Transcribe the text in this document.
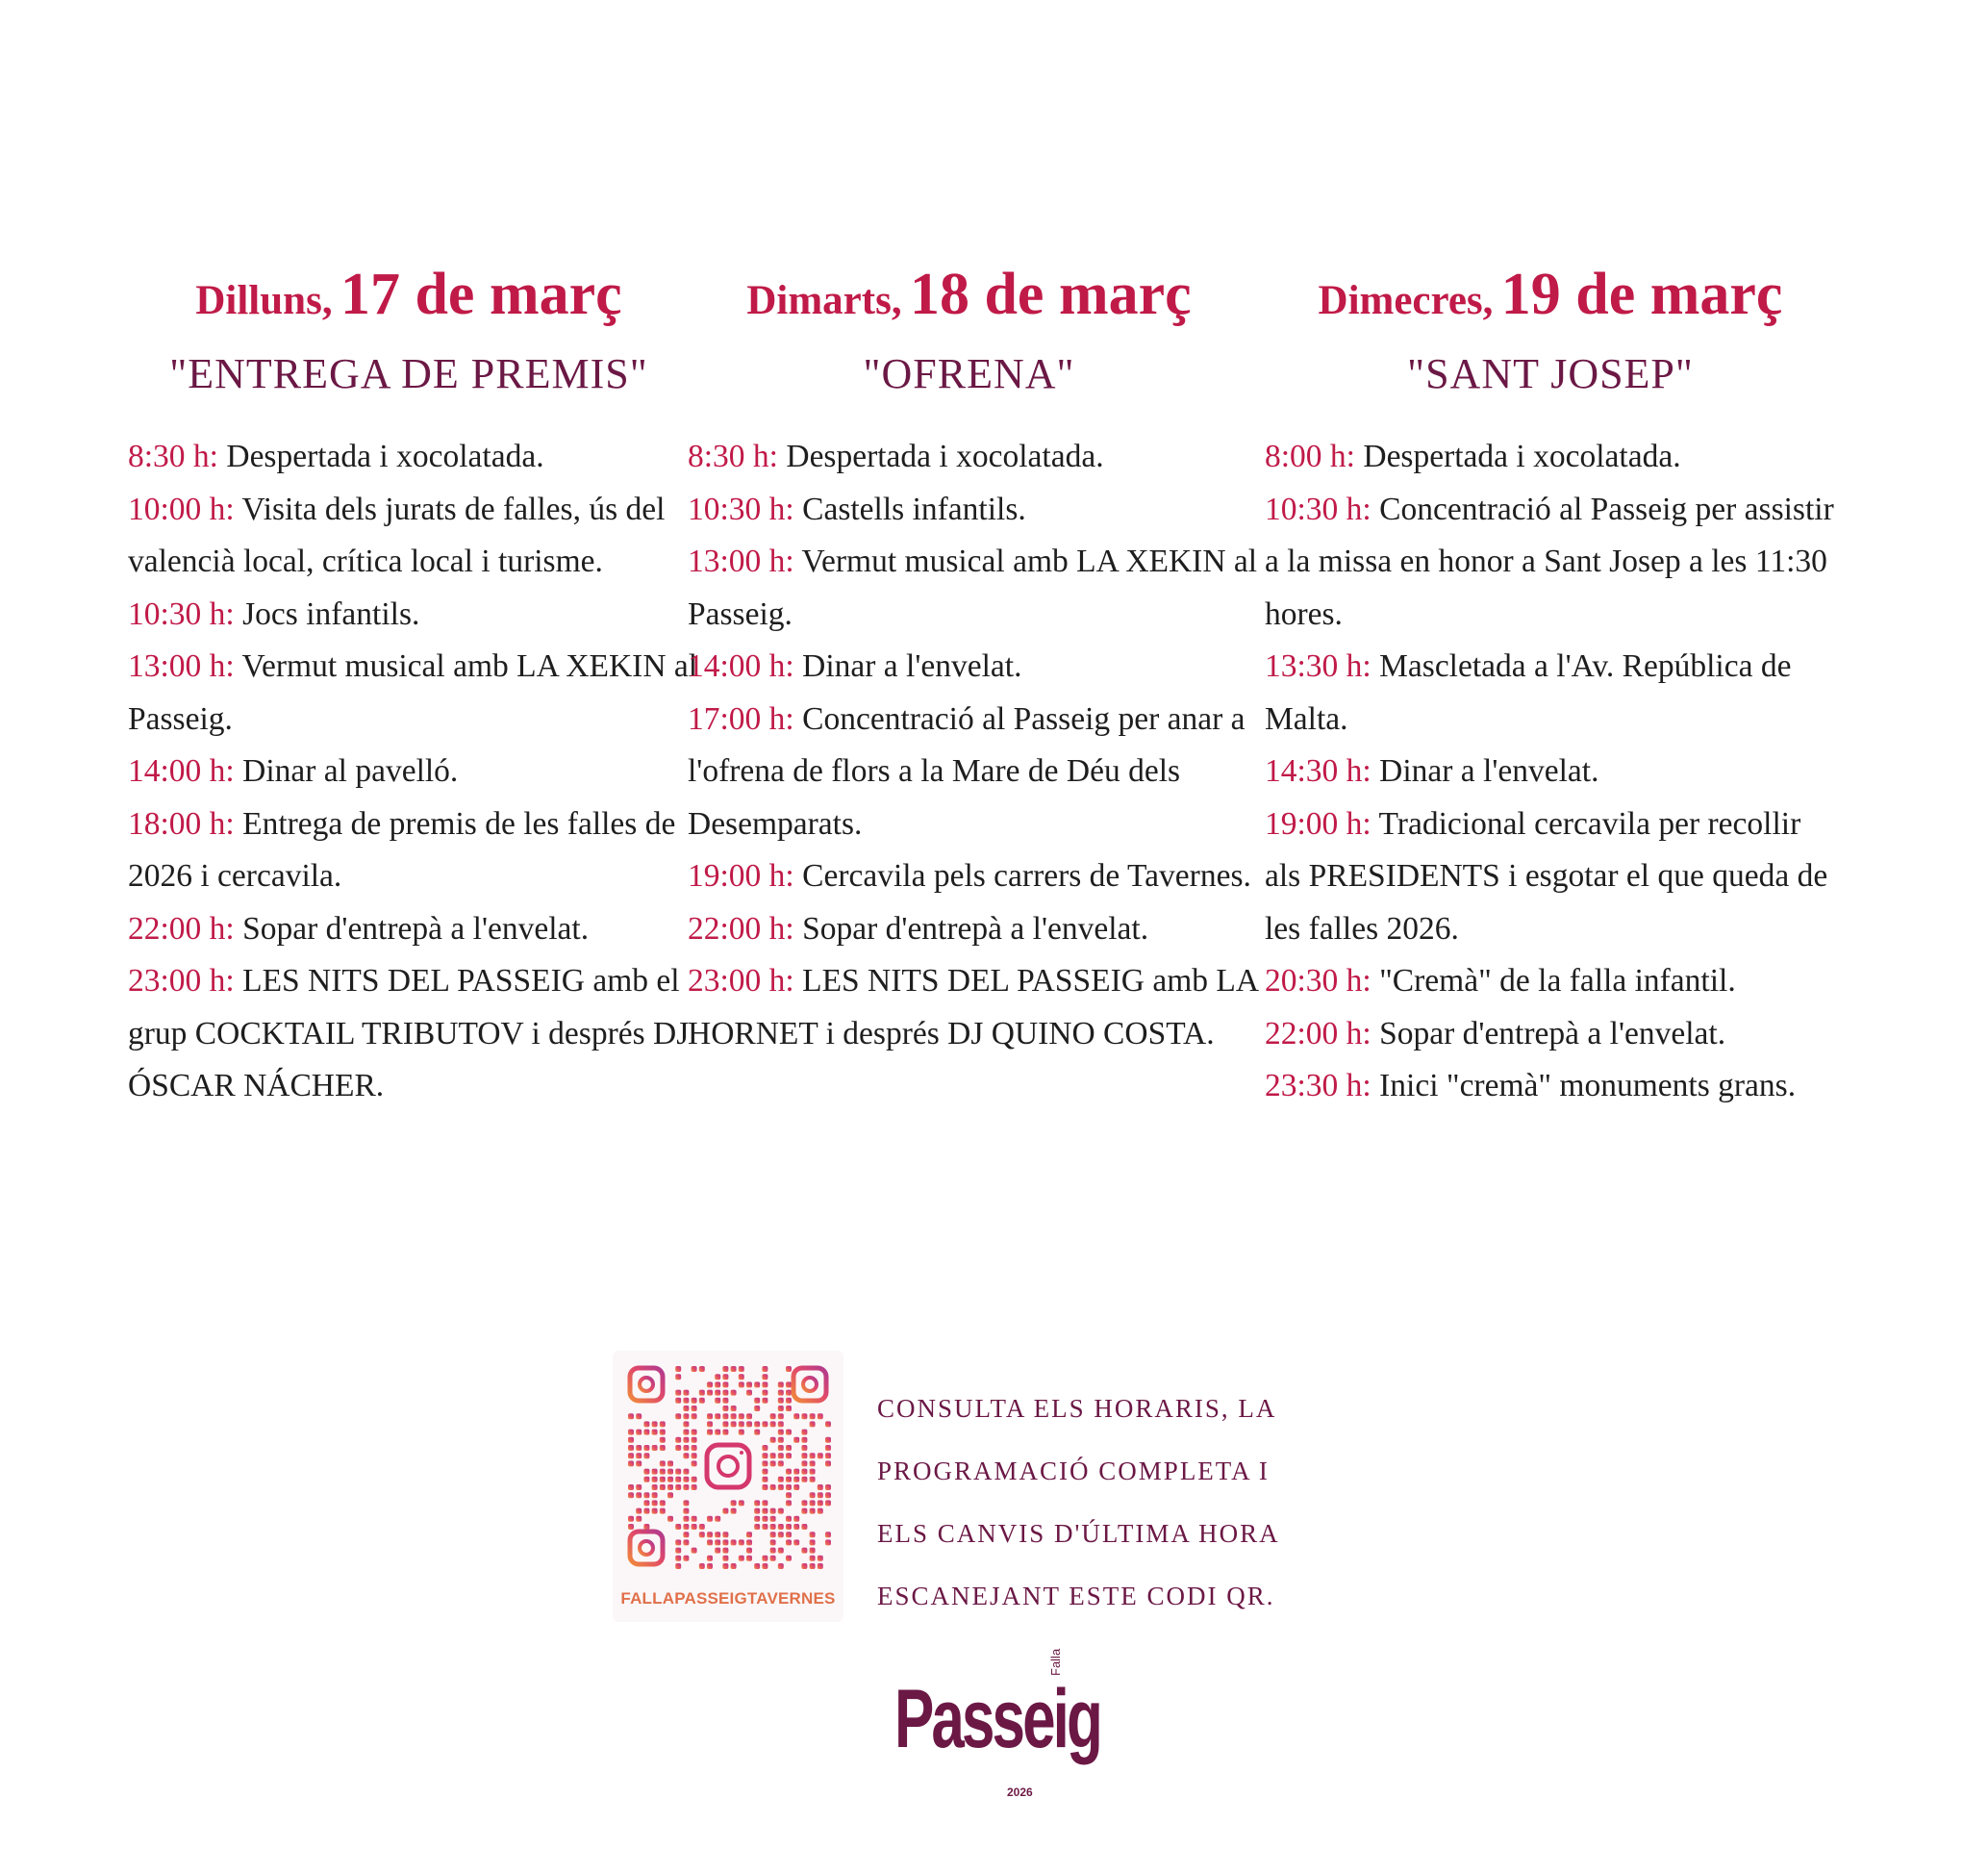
Dilluns, 17 de març
"ENTREGA DE PREMIS"

8:30 h: Despertada i xocolatada.

10:00 h: Visita dels jurats de falles, ús del valencià local, crítica local i turisme.

10:30 h: Jocs infantils.

13:00 h: Vermut musical amb LA XEKIN al Passeig.

14:00 h: Dinar al pavelló.

18:00 h: Entrega de premis de les falles de 2026 i cercavila.

22:00 h: Sopar d'entrepà a l'envelat.

23:00 h: LES NITS DEL PASSEIG amb el grup COCKTAIL TRIBUTOV i després DJ ÓSCAR NÁCHER.

Dimarts, 18 de març
"OFRENA"

8:30 h: Despertada i xocolatada.

10:30 h: Castells infantils.

13:00 h: Vermut musical amb LA XEKIN al Passeig.

14:00 h: Dinar a l'envelat.

17:00 h: Concentració al Passeig per anar a l'ofrena de flors a la Mare de Déu dels Desemparats.

19:00 h: Cercavila pels carrers de Tavernes.

22:00 h: Sopar d'entrepà a l'envelat.

23:00 h: LES NITS DEL PASSEIG amb LA HORNET i després DJ QUINO COSTA.

Dimecres, 19 de març
"SANT JOSEP"

8:00 h: Despertada i xocolatada.

10:30 h: Concentració al Passeig per assistir a la missa en honor a Sant Josep a les 11:30 hores.

13:30 h: Mascletada a l'Av. República de Malta.

14:30 h: Dinar a l'envelat.

19:00 h: Tradicional cercavila per recollir als PRESIDENTS i esgotar el que queda de les falles 2026.

20:30 h: "Cremà" de la falla infantil.

22:00 h: Sopar d'entrepà a l'envelat.

23:30 h: Inici "cremà" monuments grans.

FALLAPASSEIGTAVERNES

CONSULTA ELS HORARIS, LA

PROGRAMACIÓ COMPLETA I

ELS CANVIS D'ÚLTIMA HORA

ESCANEJANT ESTE CODI QR.

Passeig
Falla
2026
